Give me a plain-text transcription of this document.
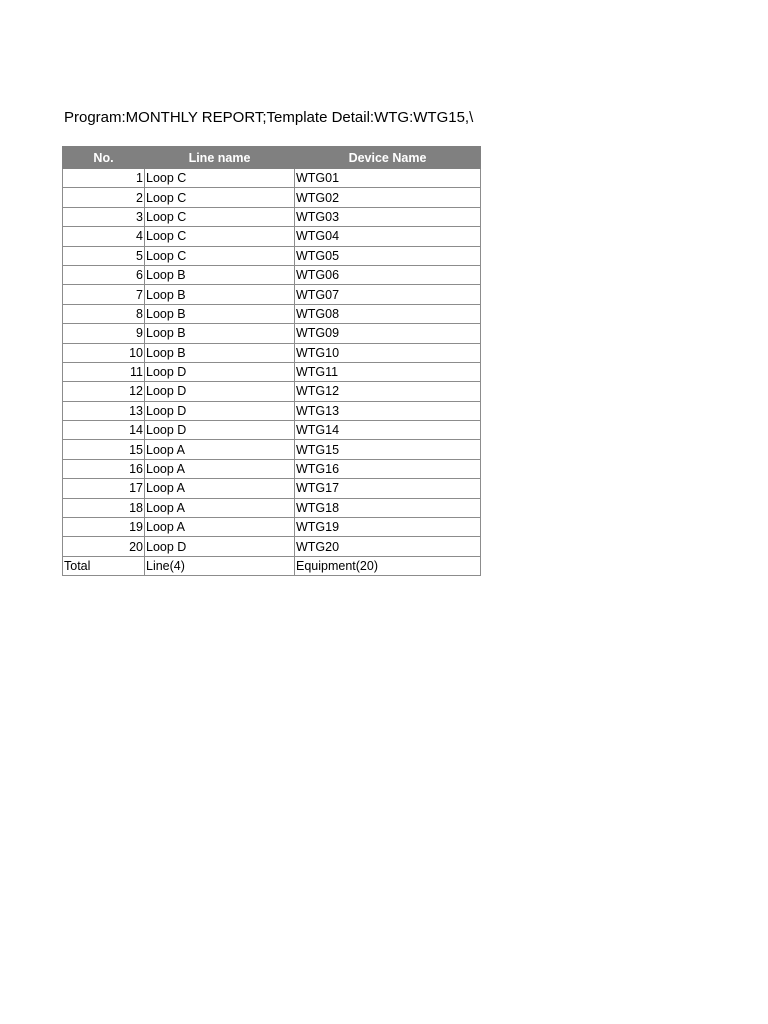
Program:MONTHLY REPORT;Template Detail:WTG:WTG15,\
No.	Line name	Device Name
1	Loop C	WTG01
2	Loop C	WTG02
3	Loop C	WTG03
4	Loop C	WTG04
5	Loop C	WTG05
6	Loop B	WTG06
7	Loop B	WTG07
8	Loop B	WTG08
9	Loop B	WTG09
10	Loop B	WTG10
11	Loop D	WTG11
12	Loop D	WTG12
13	Loop D	WTG13
14	Loop D	WTG14
15	Loop A	WTG15
16	Loop A	WTG16
17	Loop A	WTG17
18	Loop A	WTG18
19	Loop A	WTG19
20	Loop D	WTG20
Total	Line(4)	Equipment(20)
